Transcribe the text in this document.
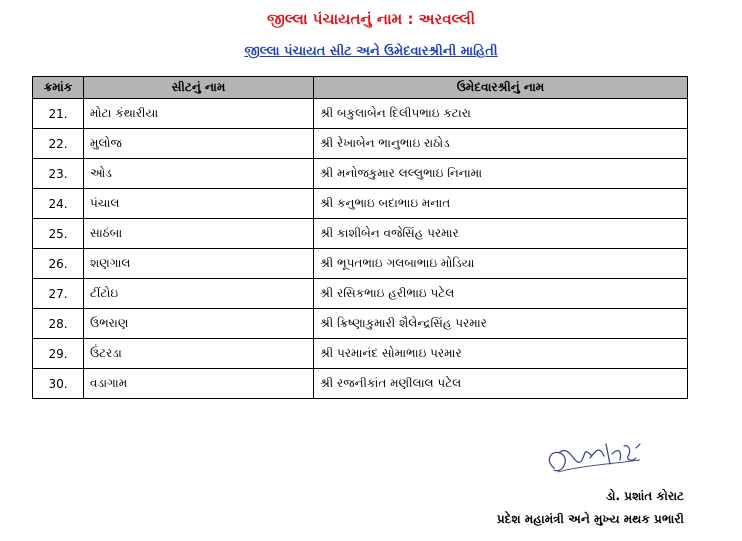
જીલ્લા પંચાયતનું નામ : અરવલ્લી
જીલ્લા પંચાયત સીટ અને ઉમેદવારશ્રીની માહિતી
ક્રમાંક	સીટનું નામ	ઉમેદવારશ્રીનું નામ
21.	મોટા કંથારીયા	શ્રી બકુલાબેન દિલીપભાઇ કટારા
22.	મુલોજ	શ્રી રેખાબેન ભાનુભાઇ રાઠોડ
23.	ઓડ	શ્રી મનોજકુમાર લલ્લુભાઇ નિનામા
24.	પંચાલ	શ્રી કનુભાઇ બદાભાઇ મનાત
25.	સાઠંબા	શ્રી કાશીબેન વજેસિંહ પરમાર
26.	શણગાલ	શ્રી ભૂપતભાઇ ગલબાભાઇ મોડિયા
27.	ટીંટોઇ	શ્રી રસિકભાઇ હરીભાઇ પટેલ
28.	ઉભરાણ	શ્રી ક્રિષ્ણાકુમારી શૈલેન્દ્રસિંહ પરમાર
29.	ઉંટરડા	શ્રી પરમાનંદ સોમાભાઇ પરમાર
30.	વડાગામ	શ્રી રજનીકાંત મણીલાલ પટેલ
ડો. પ્રશાંત કોરાટ
પ્રદેશ મહામંત્રી અને મુખ્ય મથક પ્રભારી
